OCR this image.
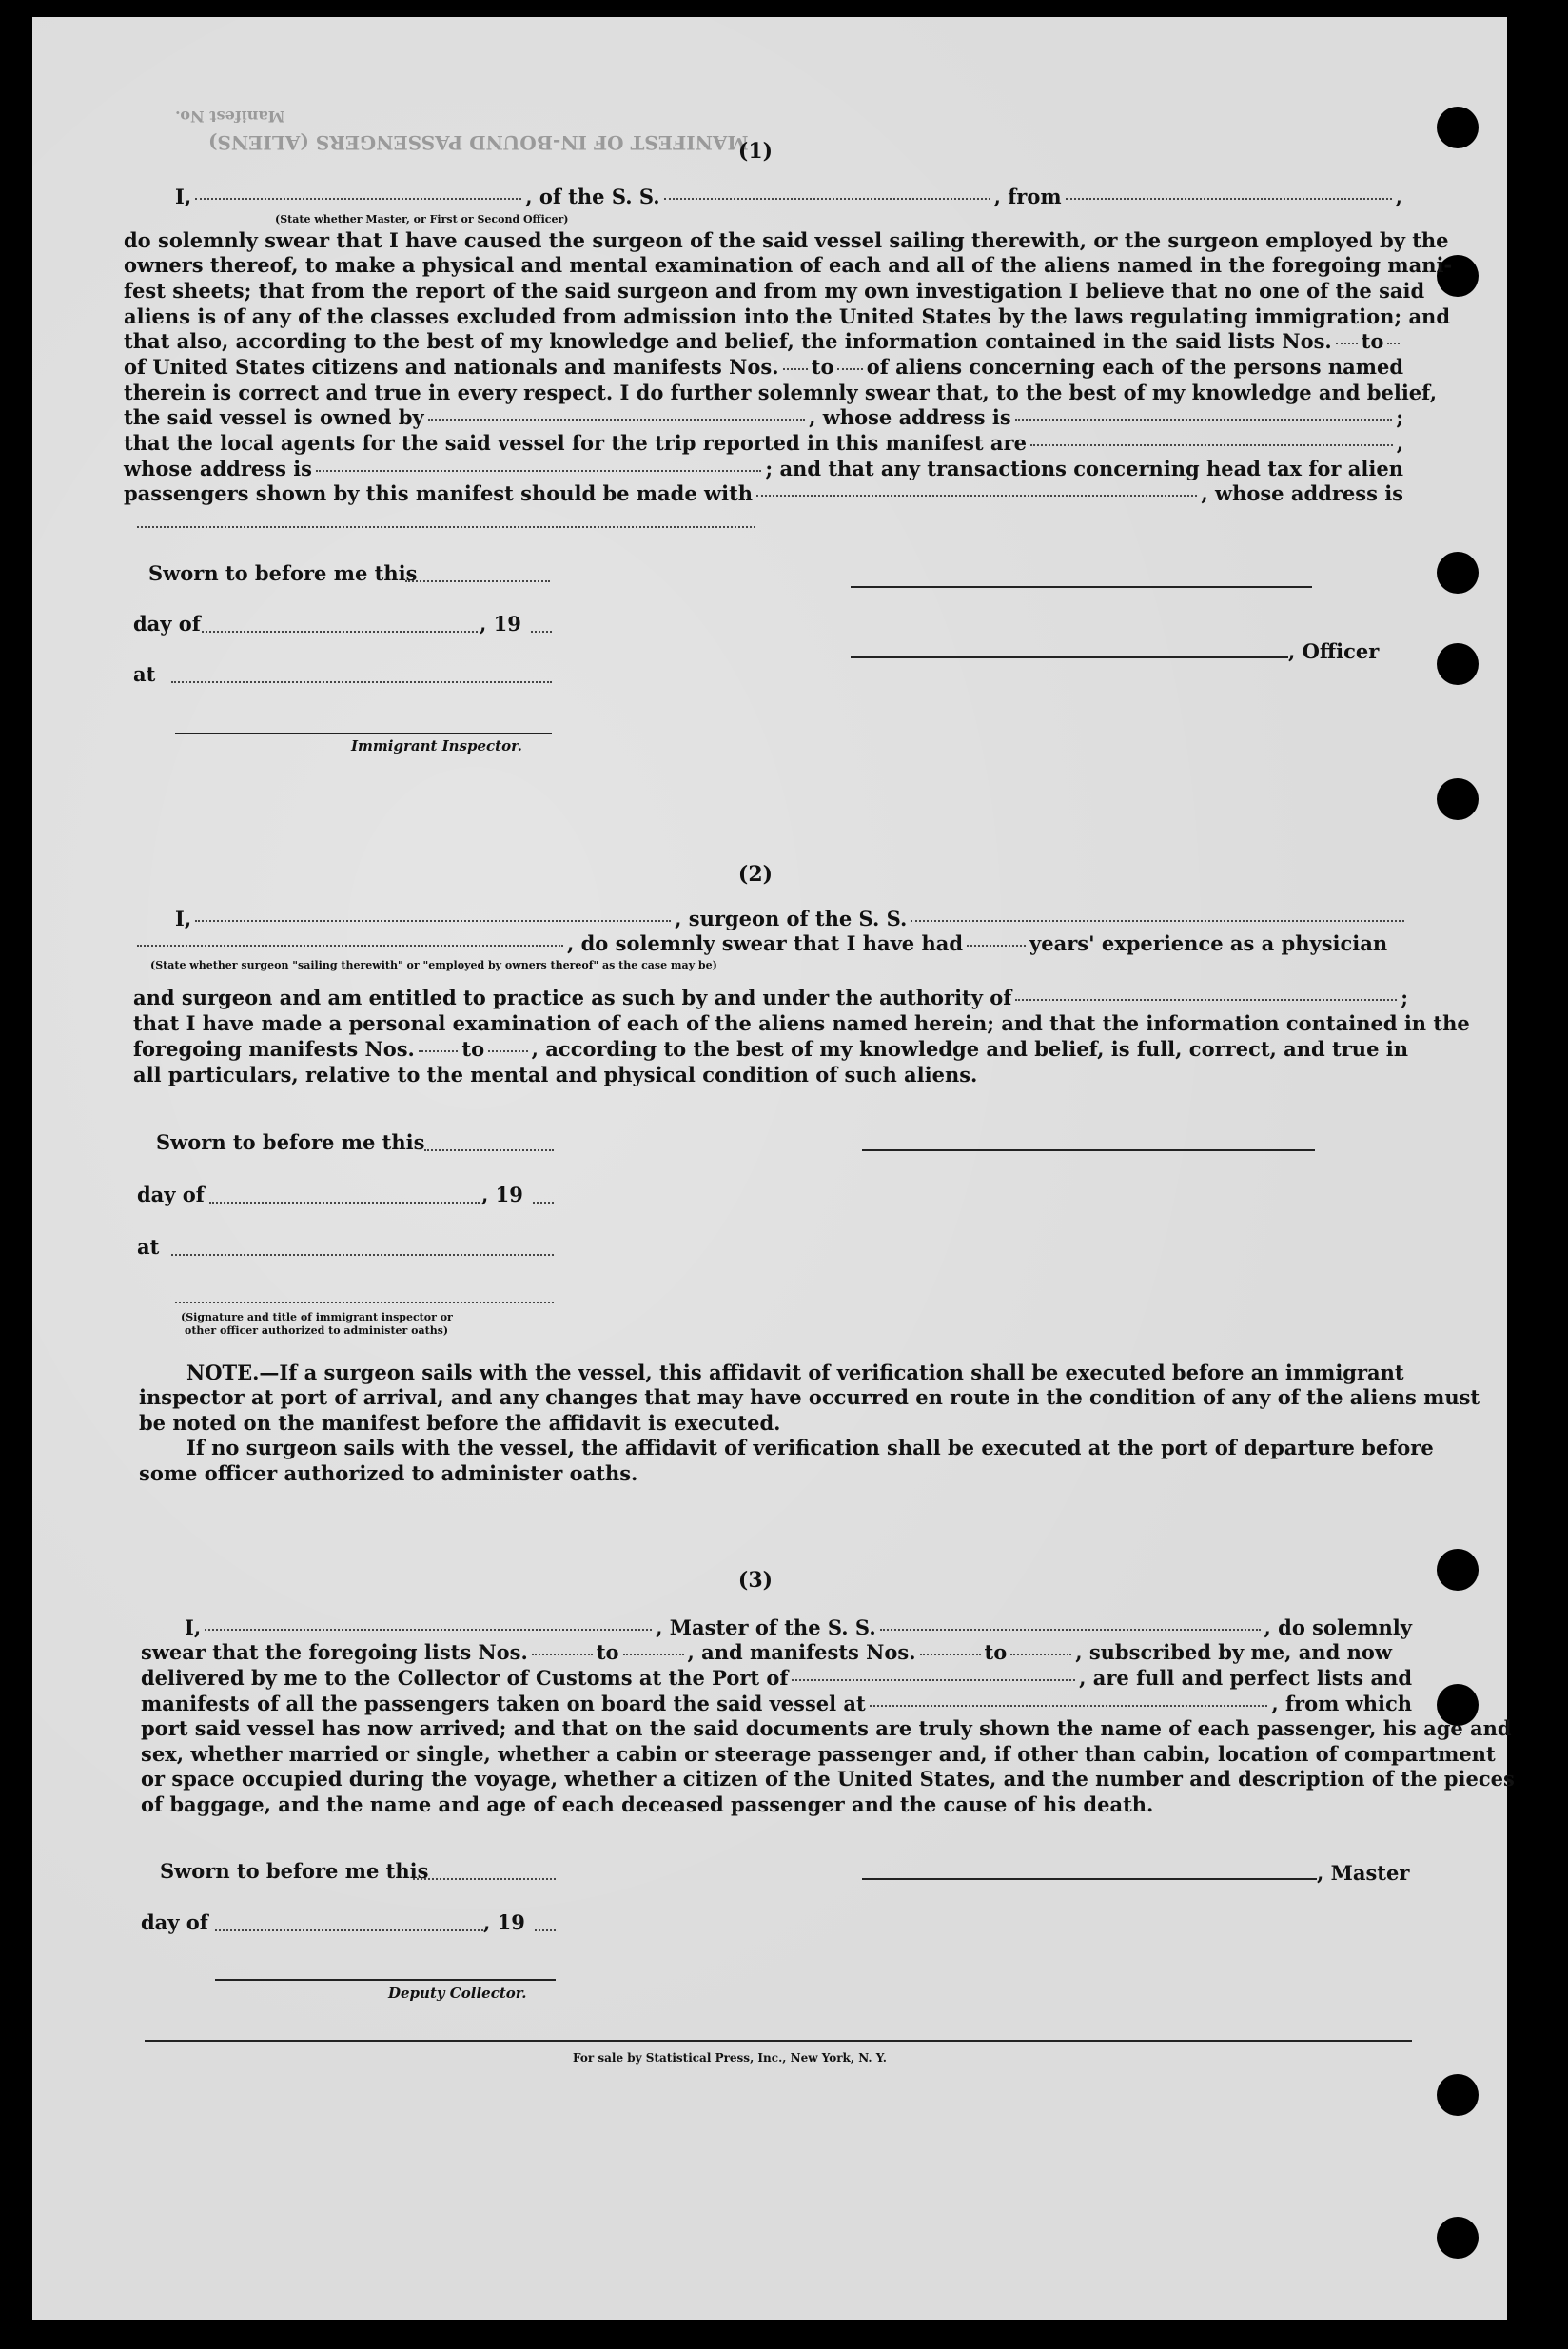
Manifest No.
MANIFEST OF IN-BOUND PASSENGERS (ALIENS)
(1)
I,	, of the S. S.	, from	,
(State whether Master, or First or Second Officer)
do solemnly swear that I have caused the surgeon of the said vessel sailing therewith, or the surgeon employed by the
owners thereof, to make a physical and mental examination of each and all of the aliens named in the foregoing mani-
fest sheets; that from the report of the said surgeon and from my own investigation I believe that no one of the said
aliens is of any of the classes excluded from admission into the United States by the laws regulating immigration; and
that also, according to the best of my knowledge and belief, the information contained in the said lists Nos. to
of United States citizens and nationals and manifests Nos. to of aliens concerning each of the persons named
therein is correct and true in every respect. I do further solemnly swear that, to the best of my knowledge and belief,
the said vessel is owned by	, whose address is	;
that the local agents for the said vessel for the trip reported in this manifest are	,
whose address is	; and that any transactions concerning head tax for alien
passengers shown by this manifest should be made with	, whose address is
Sworn to before me this
day of	, 19
at
, Officer
Immigrant Inspector.
(2)
I,	, surgeon of the S. S.
, do solemnly swear that I have had	years' experience as a physician
(State whether surgeon "sailing therewith" or "employed by owners thereof" as the case may be)
and surgeon and am entitled to practice as such by and under the authority of	;
that I have made a personal examination of each of the aliens named herein; and that the information contained in the
foregoing manifests Nos. to , according to the best of my knowledge and belief, is full, correct, and true in
all particulars, relative to the mental and physical condition of such aliens.
Sworn to before me this
day of	, 19
at
(Signature and title of immigrant inspector or
other officer authorized to administer oaths)
NOTE.—If a surgeon sails with the vessel, this affidavit of verification shall be executed before an immigrant
inspector at port of arrival, and any changes that may have occurred en route in the condition of any of the aliens must
be noted on the manifest before the affidavit is executed.
If no surgeon sails with the vessel, the affidavit of verification shall be executed at the port of departure before
some officer authorized to administer oaths.
(3)
I,	, Master of the S. S.	, do solemnly
swear that the foregoing lists Nos.	to	, and manifests Nos.	to	, subscribed by me, and now
delivered by me to the Collector of Customs at the Port of	, are full and perfect lists and
manifests of all the passengers taken on board the said vessel at	, from which
port said vessel has now arrived; and that on the said documents are truly shown the name of each passenger, his age and
sex, whether married or single, whether a cabin or steerage passenger and, if other than cabin, location of compartment
or space occupied during the voyage, whether a citizen of the United States, and the number and description of the pieces
of baggage, and the name and age of each deceased passenger and the cause of his death.
Sworn to before me this	, Master
day of	, 19
Deputy Collector.
For sale by Statistical Press, Inc., New York, N. Y.
